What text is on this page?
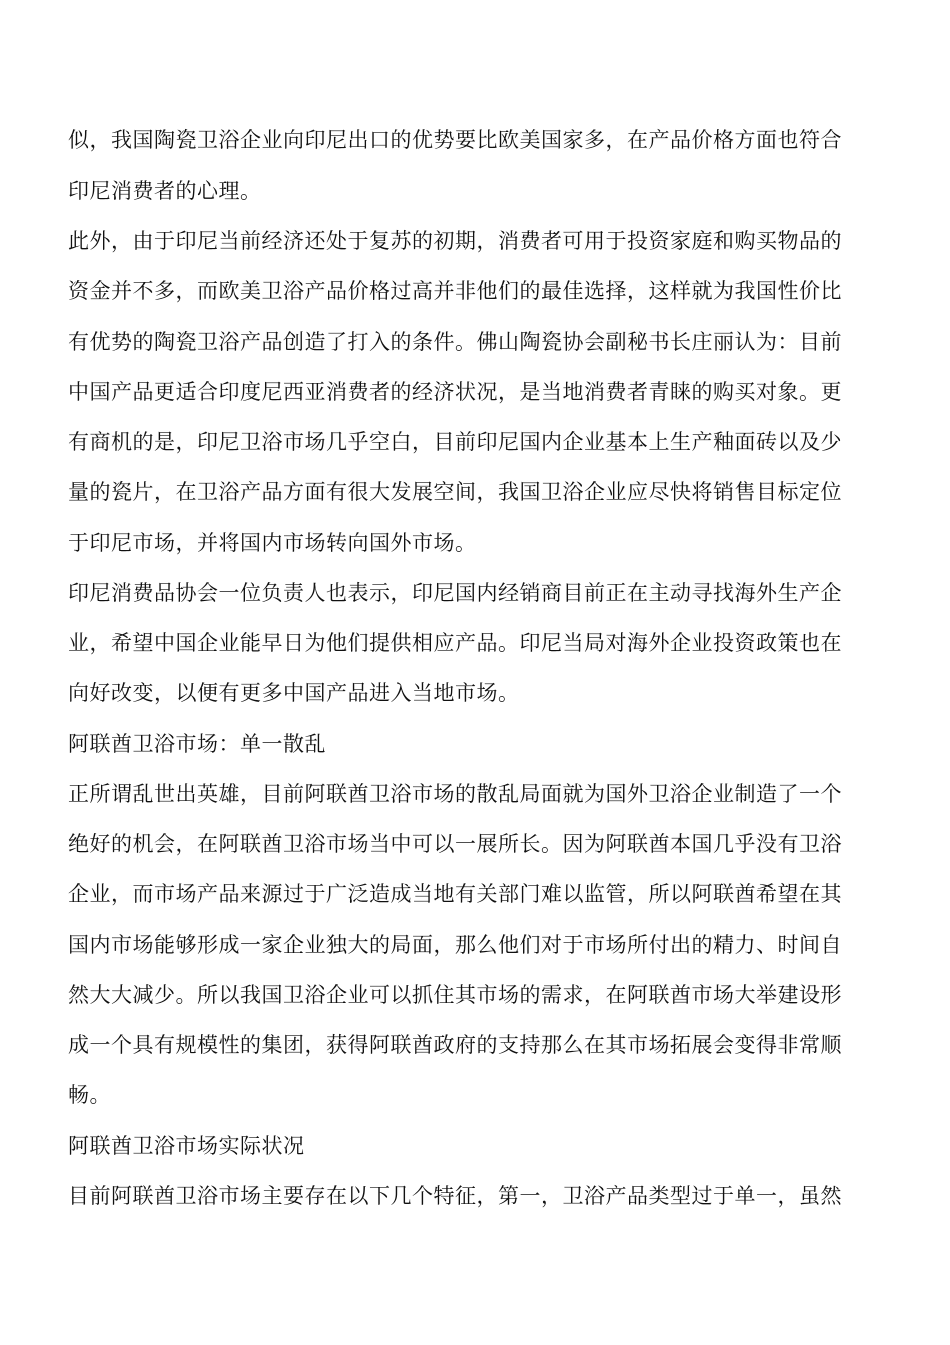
似，我国陶瓷卫浴企业向印尼出口的优势要比欧美国家多，在产品价格方面也符合
印尼消费者的心理。
此外，由于印尼当前经济还处于复苏的初期，消费者可用于投资家庭和购买物品的
资金并不多，而欧美卫浴产品价格过高并非他们的最佳选择，这样就为我国性价比
有优势的陶瓷卫浴产品创造了打入的条件。佛山陶瓷协会副秘书长庄丽认为：目前
中国产品更适合印度尼西亚消费者的经济状况，是当地消费者青睐的购买对象。更
有商机的是，印尼卫浴市场几乎空白，目前印尼国内企业基本上生产釉面砖以及少
量的瓷片，在卫浴产品方面有很大发展空间，我国卫浴企业应尽快将销售目标定位
于印尼市场，并将国内市场转向国外市场。
印尼消费品协会一位负责人也表示，印尼国内经销商目前正在主动寻找海外生产企
业，希望中国企业能早日为他们提供相应产品。印尼当局对海外企业投资政策也在
向好改变，以便有更多中国产品进入当地市场。
阿联酋卫浴市场：单一散乱
正所谓乱世出英雄，目前阿联酋卫浴市场的散乱局面就为国外卫浴企业制造了一个
绝好的机会，在阿联酋卫浴市场当中可以一展所长。因为阿联酋本国几乎没有卫浴
企业，而市场产品来源过于广泛造成当地有关部门难以监管，所以阿联酋希望在其
国内市场能够形成一家企业独大的局面，那么他们对于市场所付出的精力、时间自
然大大减少。所以我国卫浴企业可以抓住其市场的需求，在阿联酋市场大举建设形
成一个具有规模性的集团，获得阿联酋政府的支持那么在其市场拓展会变得非常顺
畅。
阿联酋卫浴市场实际状况
目前阿联酋卫浴市场主要存在以下几个特征，第一，卫浴产品类型过于单一，虽然
